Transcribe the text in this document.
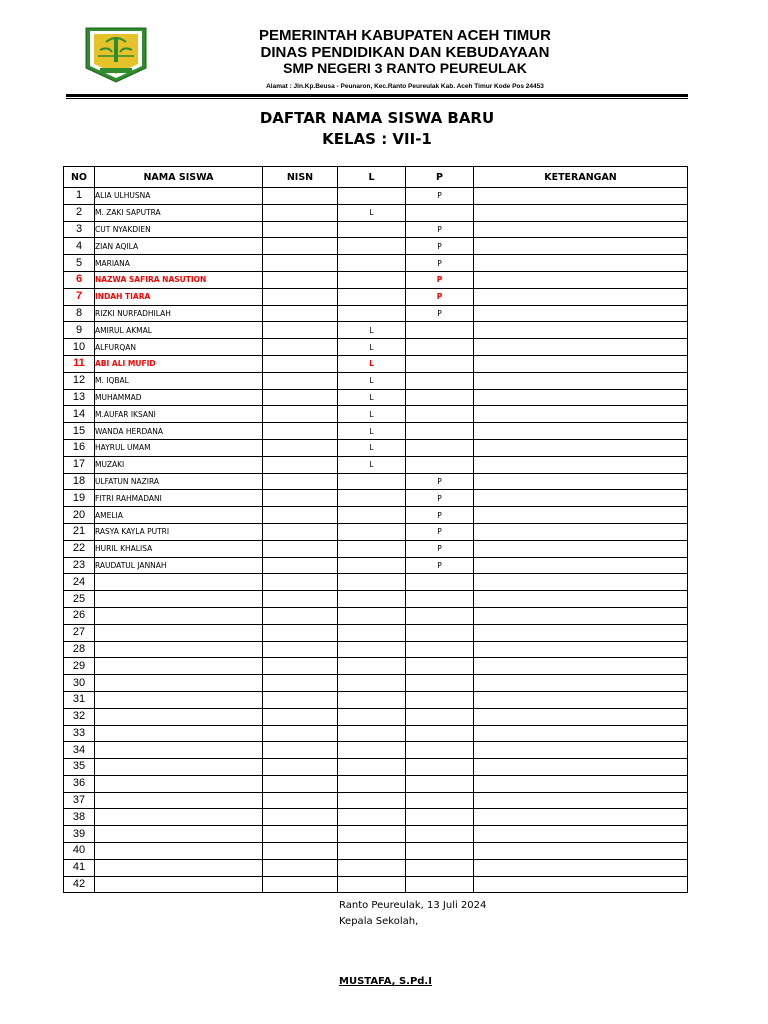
PEMERINTAH KABUPATEN ACEH TIMUR
DINAS PENDIDIKAN DAN KEBUDAYAAN
SMP NEGERI 3 RANTO PEUREULAK
Alamat : Jln.Kp.Beusa - Peunaron, Kec.Ranto Peureulak Kab. Aceh Timur Kode Pos 24453
DAFTAR NAMA SISWA BARU
KELAS : VII-1
NO	NAMA SISWA	NISN	L	P	KETERANGAN
1	ALIA ULHUSNA			P	
2	M. ZAKI SAPUTRA		L		
3	CUT NYAKDIEN			P	
4	ZIAN AQILA			P	
5	MARIANA			P	
6	NAZWA SAFIRA NASUTION			P	
7	INDAH TIARA			P	
8	RIZKI NURFADHILAH			P	
9	AMIRUL AKMAL		L		
10	ALFURQAN		L		
11	ABI ALI MUFID		L		
12	M. IQBAL		L		
13	MUHAMMAD		L		
14	M.AUFAR IKSANI		L		
15	WANDA HERDANA		L		
16	HAYRUL UMAM		L		
17	MUZAKI		L		
18	ULFATUN NAZIRA			P	
19	FITRI RAHMADANI			P	
20	AMELIA			P	
21	RASYA KAYLA PUTRI			P	
22	HURIL KHALISA			P	
23	RAUDATUL JANNAH			P	
24					
25					
26					
27					
28					
29					
30					
31					
32					
33					
34					
35					
36					
37					
38					
39					
40					
41					
42					
Ranto Peureulak, 13 Juli 2024
Kepala Sekolah,
MUSTAFA, S.Pd.I
